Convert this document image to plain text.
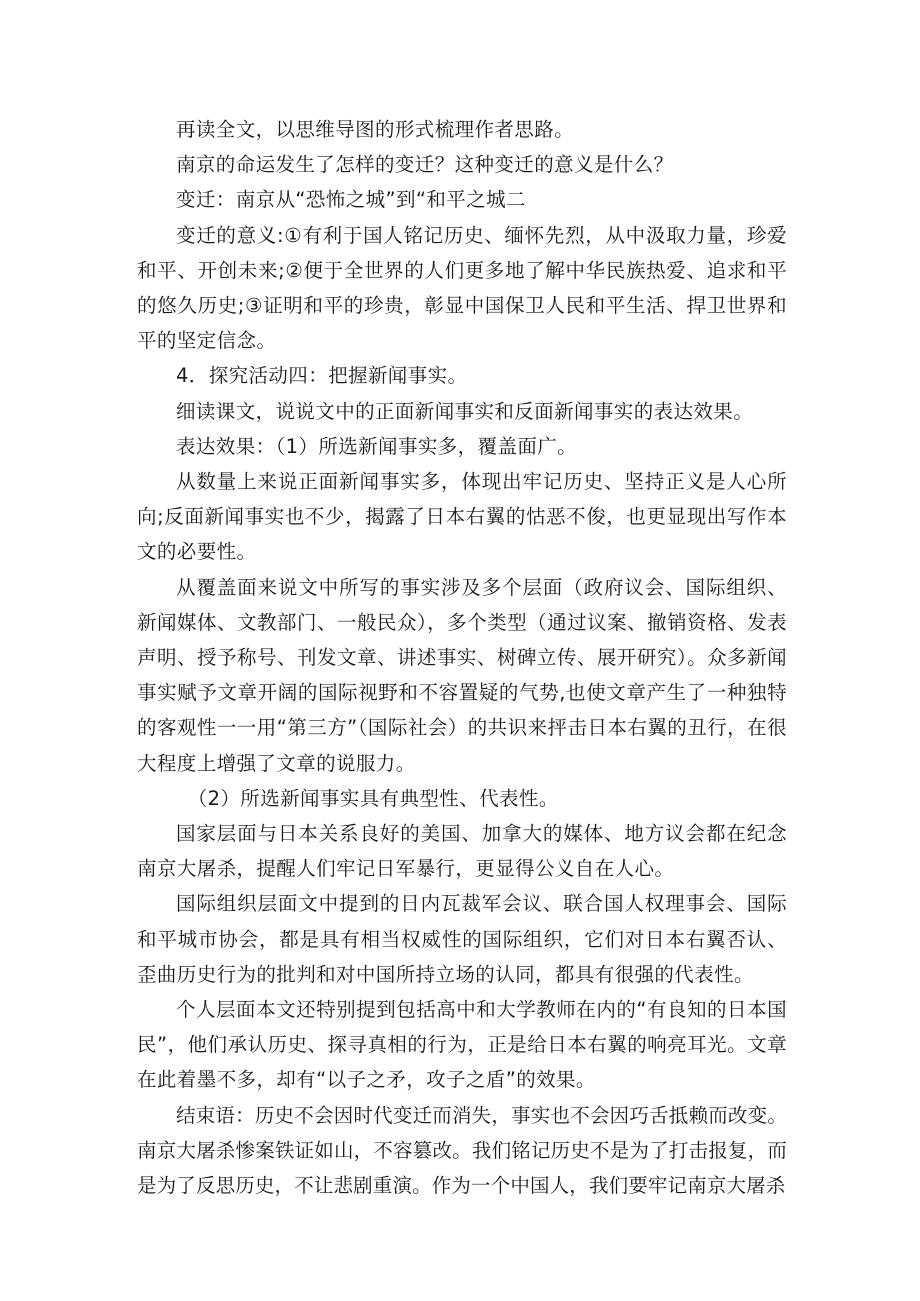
再读全文，以思维导图的形式梳理作者思路。

南京的命运发生了怎样的变迁？这种变迁的意义是什么？

变迁：南京从“恐怖之城”到“和平之城二

变迁的意义:①有利于国人铭记历史、缅怀先烈，从中汲取力量，珍爱和平、开创未来;②便于全世界的人们更多地了解中华民族热爱、追求和平的悠久历史;③证明和平的珍贵，彰显中国保卫人民和平生活、捍卫世界和平的坚定信念。

4．探究活动四：把握新闻事实。

细读课文，说说文中的正面新闻事实和反面新闻事实的表达效果。

表达效果：（1）所选新闻事实多，覆盖面广。

从数量上来说正面新闻事实多，体现出牢记历史、坚持正义是人心所向;反面新闻事实也不少，揭露了日本右翼的怙恶不俊，也更显现出写作本文的必要性。

从覆盖面来说文中所写的事实涉及多个层面（政府议会、国际组织、新闻媒体、文教部门、一般民众），多个类型（通过议案、撤销资格、发表声明、授予称号、刊发文章、讲述事实、树碑立传、展开研究）。众多新闻事实赋予文章开阔的国际视野和不容置疑的气势,也使文章产生了一种独特的客观性一一用“第三方”（国际社会）的共识来抨击日本右翼的丑行，在很大程度上增强了文章的说服力。

（2）所选新闻事实具有典型性、代表性。

国家层面与日本关系良好的美国、加拿大的媒体、地方议会都在纪念南京大屠杀，提醒人们牢记日军暴行，更显得公义自在人心。

国际组织层面文中提到的日内瓦裁军会议、联合国人权理事会、国际和平城市协会，都是具有相当权威性的国际组织，它们对日本右翼否认、歪曲历史行为的批判和对中国所持立场的认同，都具有很强的代表性。

个人层面本文还特别提到包括高中和大学教师在内的“有良知的日本国民”，他们承认历史、探寻真相的行为，正是给日本右翼的响亮耳光。文章在此着墨不多，却有“以子之矛，攻子之盾”的效果。

结束语：历史不会因时代变迁而消失，事实也不会因巧舌抵赖而改变。南京大屠杀惨案铁证如山，不容篡改。我们铭记历史不是为了打击报复，而是为了反思历史，不让悲剧重演。作为一个中国人，我们要牢记南京大屠杀
